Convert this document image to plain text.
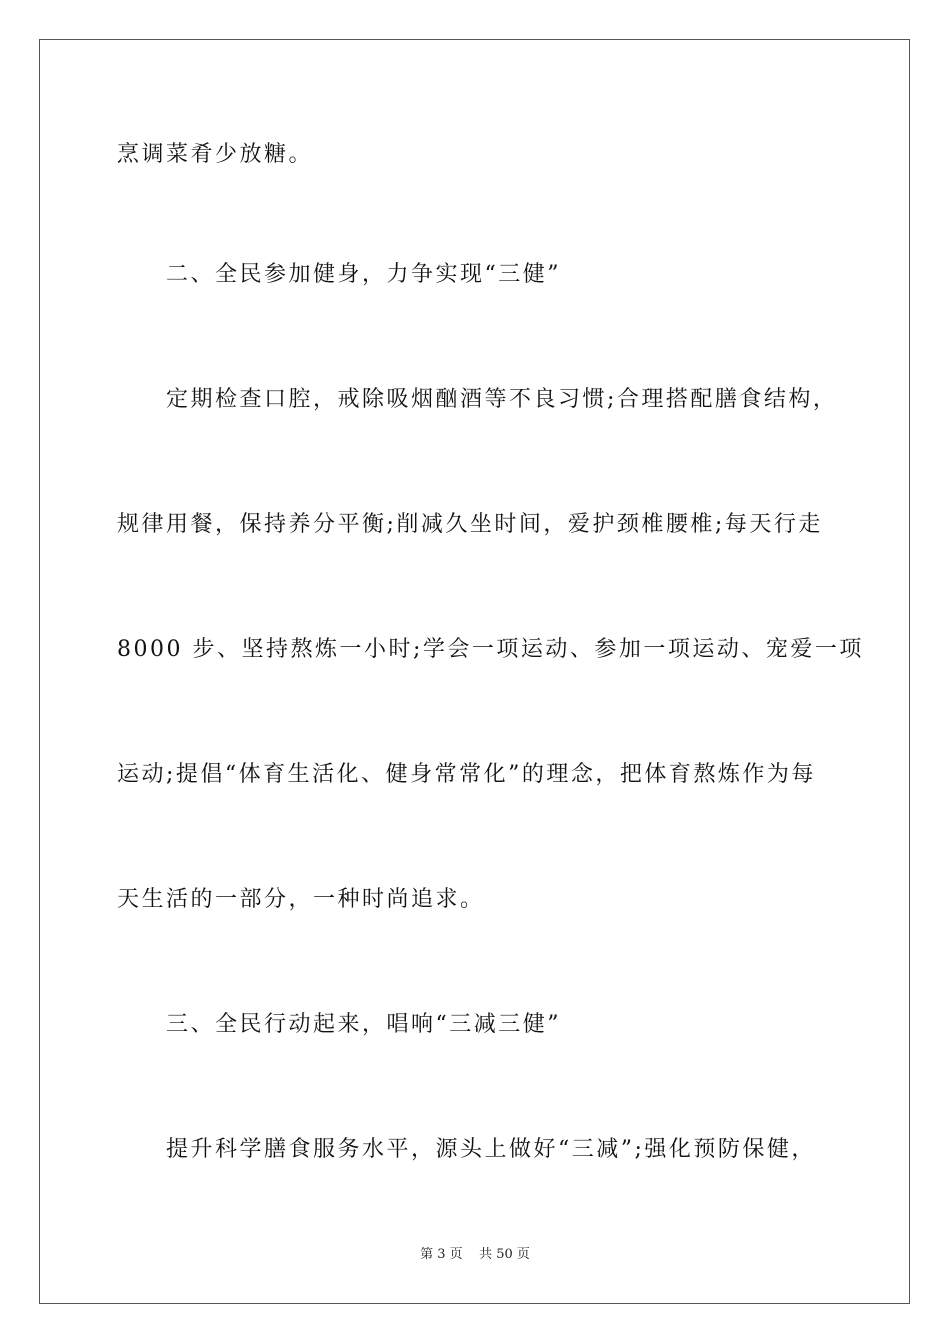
烹调菜肴少放糖。
二、全民参加健身，力争实现“三健”
定期检查口腔，戒除吸烟酗酒等不良习惯;合理搭配膳食结构，
规律用餐，保持养分平衡;削减久坐时间，爱护颈椎腰椎;每天行走
8000 步、坚持熬炼一小时;学会一项运动、参加一项运动、宠爱一项
运动;提倡“体育生活化、健身常常化”的理念，把体育熬炼作为每
天生活的一部分，一种时尚追求。
三、全民行动起来，唱响“三减三健”
提升科学膳食服务水平，源头上做好“三减”;强化预防保健，
第 3 页    共 50 页
